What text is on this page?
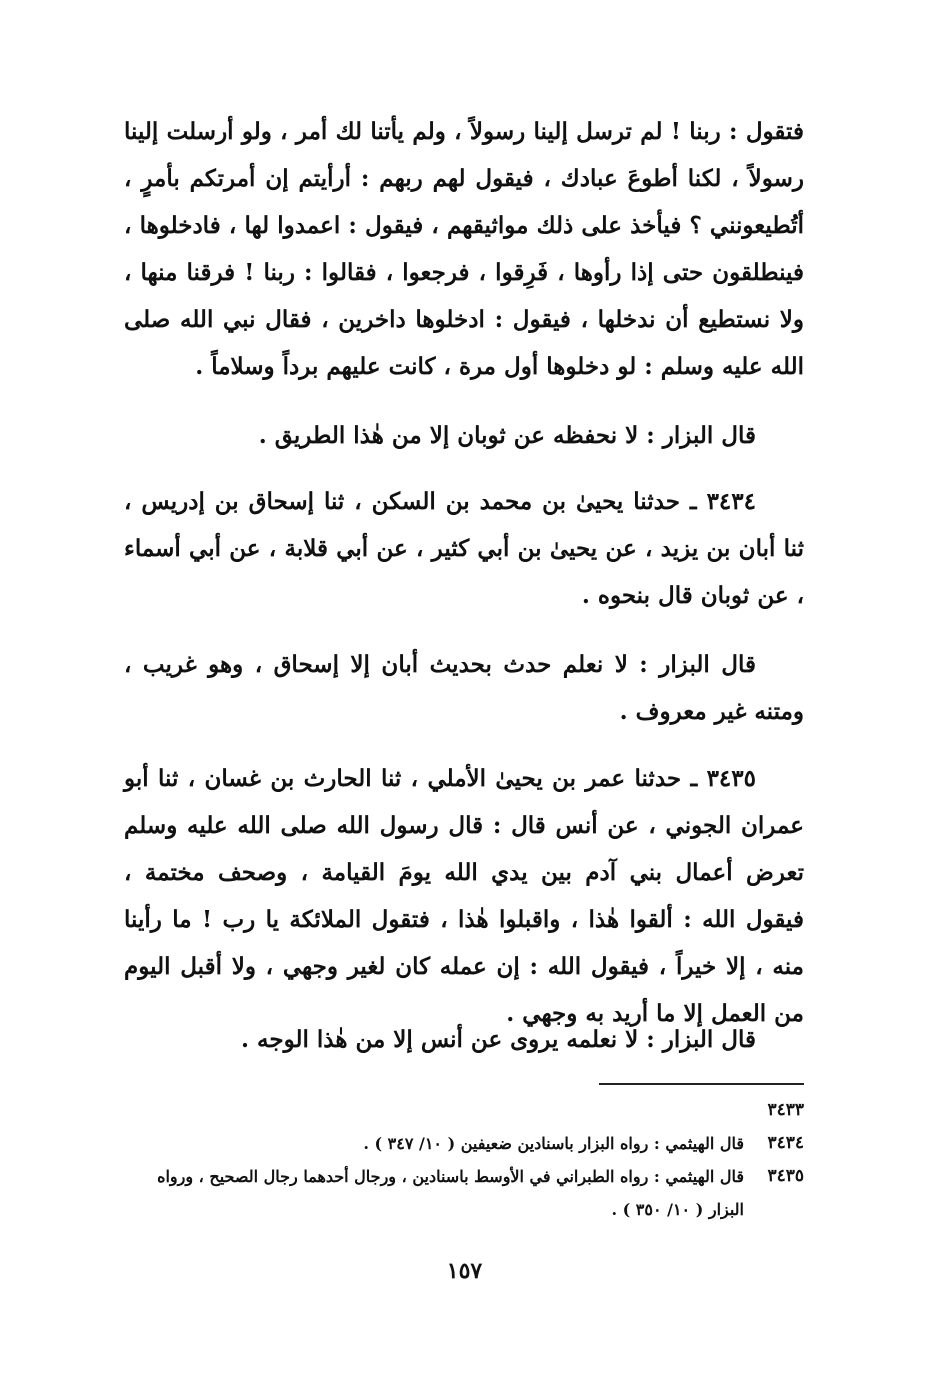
فتقول : ربنا ! لم ترسل إلينا رسولاً ، ولم يأتنا لك أمر ، ولو أرسلت إلينا رسولاً ، لكنا أطوعَ عبادك ، فيقول لهم ربهم : أرأيتم إن أمرتكم بأمرٍ ، أتُطيعونني ؟ فيأخذ على ذلك مواثيقهم ، فيقول : اعمدوا لها ، فادخلوها ، فينطلقون حتى إذا رأوها ، فَرِقوا ، فرجعوا ، فقالوا : ربنا ! فرقنا منها ، ولا نستطيع أن ندخلها ، فيقول : ادخلوها داخرين ، فقال نبي الله صلى الله عليه وسلم : لو دخلوها أول مرة ، كانت عليهم برداً وسلاماً .

قال البزار : لا نحفظه عن ثوبان إلا من هٰذا الطريق .

٣٤٣٤ ـ حدثنا يحيىٰ بن محمد بن السكن ، ثنا إسحاق بن إدريس ، ثنا أبان بن يزيد ، عن يحيىٰ بن أبي كثير ، عن أبي قلابة ، عن أبي أسماء ، عن ثوبان قال بنحوه .

قال البزار : لا نعلم حدث بحديث أبان إلا إسحاق ، وهو غريب ، ومتنه غير معروف .

٣٤٣٥ ـ حدثنا عمر بن يحيىٰ الأملي ، ثنا الحارث بن غسان ، ثنا أبو عمران الجوني ، عن أنس قال : قال رسول الله صلى الله عليه وسلم تعرض أعمال بني آدم بين يدي الله يومَ القيامة ، وصحف مختمة ، فيقول الله : ألقوا هٰذا ، واقبلوا هٰذا ، فتقول الملائكة يا رب ! ما رأينا منه ، إلا خيراً ، فيقول الله : إن عمله كان لغير وجهي ، ولا أقبل اليوم من العمل إلا ما أريد به وجهي .

قال البزار : لا نعلمه يروى عن أنس إلا من هٰذا الوجه .

٣٤٣٣
٣٤٣٤
قال الهيثمي : رواه البزار باسنادين ضعيفين ( ١٠/ ٣٤٧ ) .
٣٤٣٥
قال الهيثمي : رواه الطبراني في الأوسط باسنادين ، ورجال أحدهما رجال الصحيح ، ورواه البزار ( ١٠/ ٣٥٠ ) .
١٥٧
